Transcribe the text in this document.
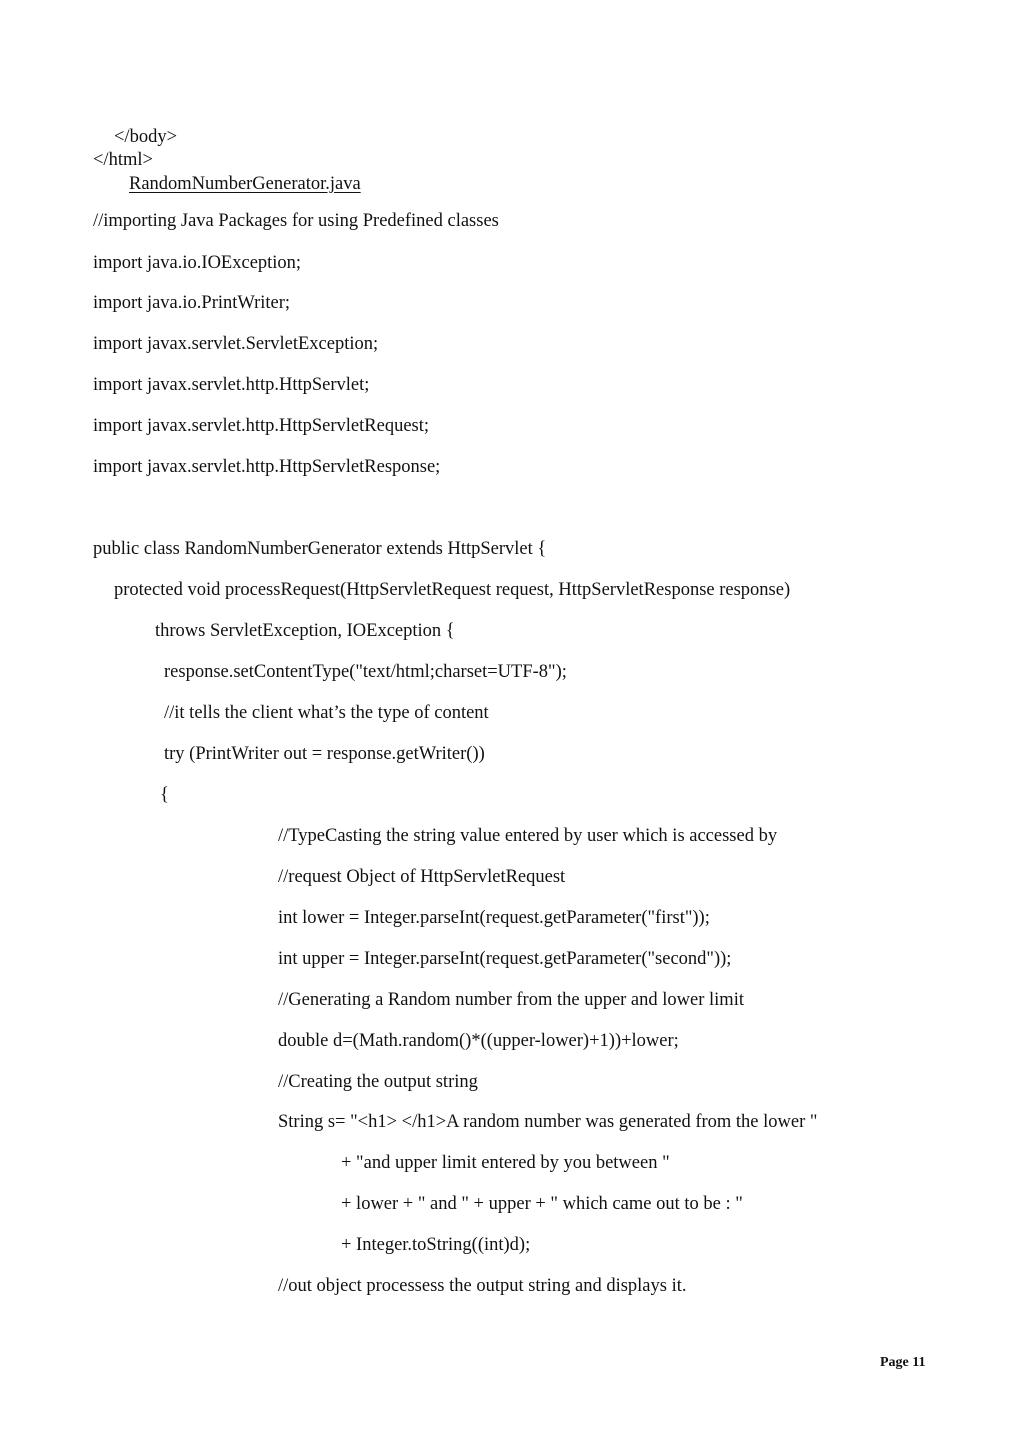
</body>
</html>
RandomNumberGenerator.java
//importing Java Packages for using Predefined classes
import java.io.IOException;
import java.io.PrintWriter;
import javax.servlet.ServletException;
import javax.servlet.http.HttpServlet;
import javax.servlet.http.HttpServletRequest;
import javax.servlet.http.HttpServletResponse;
public class RandomNumberGenerator extends HttpServlet {
protected void processRequest(HttpServletRequest request, HttpServletResponse response)
throws ServletException, IOException {
response.setContentType("text/html;charset=UTF-8");
//it tells the client what’s the type of content
try (PrintWriter out = response.getWriter())
{
//TypeCasting the string value entered by user which is accessed by
//request Object of HttpServletRequest
int lower = Integer.parseInt(request.getParameter("first"));
int upper = Integer.parseInt(request.getParameter("second"));
//Generating a Random number from the upper and lower limit
double d=(Math.random()*((upper-lower)+1))+lower;
//Creating the output string
String s= "<h1> </h1>A random number was generated from the lower "
+ "and upper limit entered by you between "
+ lower + " and " + upper + " which came out to be : "
+ Integer.toString((int)d);
//out object processess the output string and displays it.
Page 11
